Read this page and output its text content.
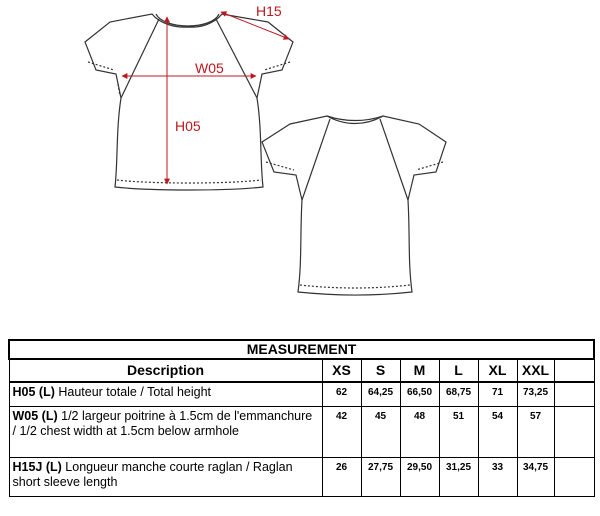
H15
W05
H05
MEASUREMENT							
Description	XS	S	M	L	XL	XXL	
H05 (L) Hauteur totale / Total height	62	64,25	66,50	68,75	71	73,25	
W05 (L) 1/2 largeur poitrine à 1.5cm de l'emmanchure / 1/2 chest width at 1.5cm below armhole	42	45	48	51	54	57	
H15J (L) Longueur manche courte raglan / Raglan short sleeve length	26	27,75	29,50	31,25	33	34,75	
